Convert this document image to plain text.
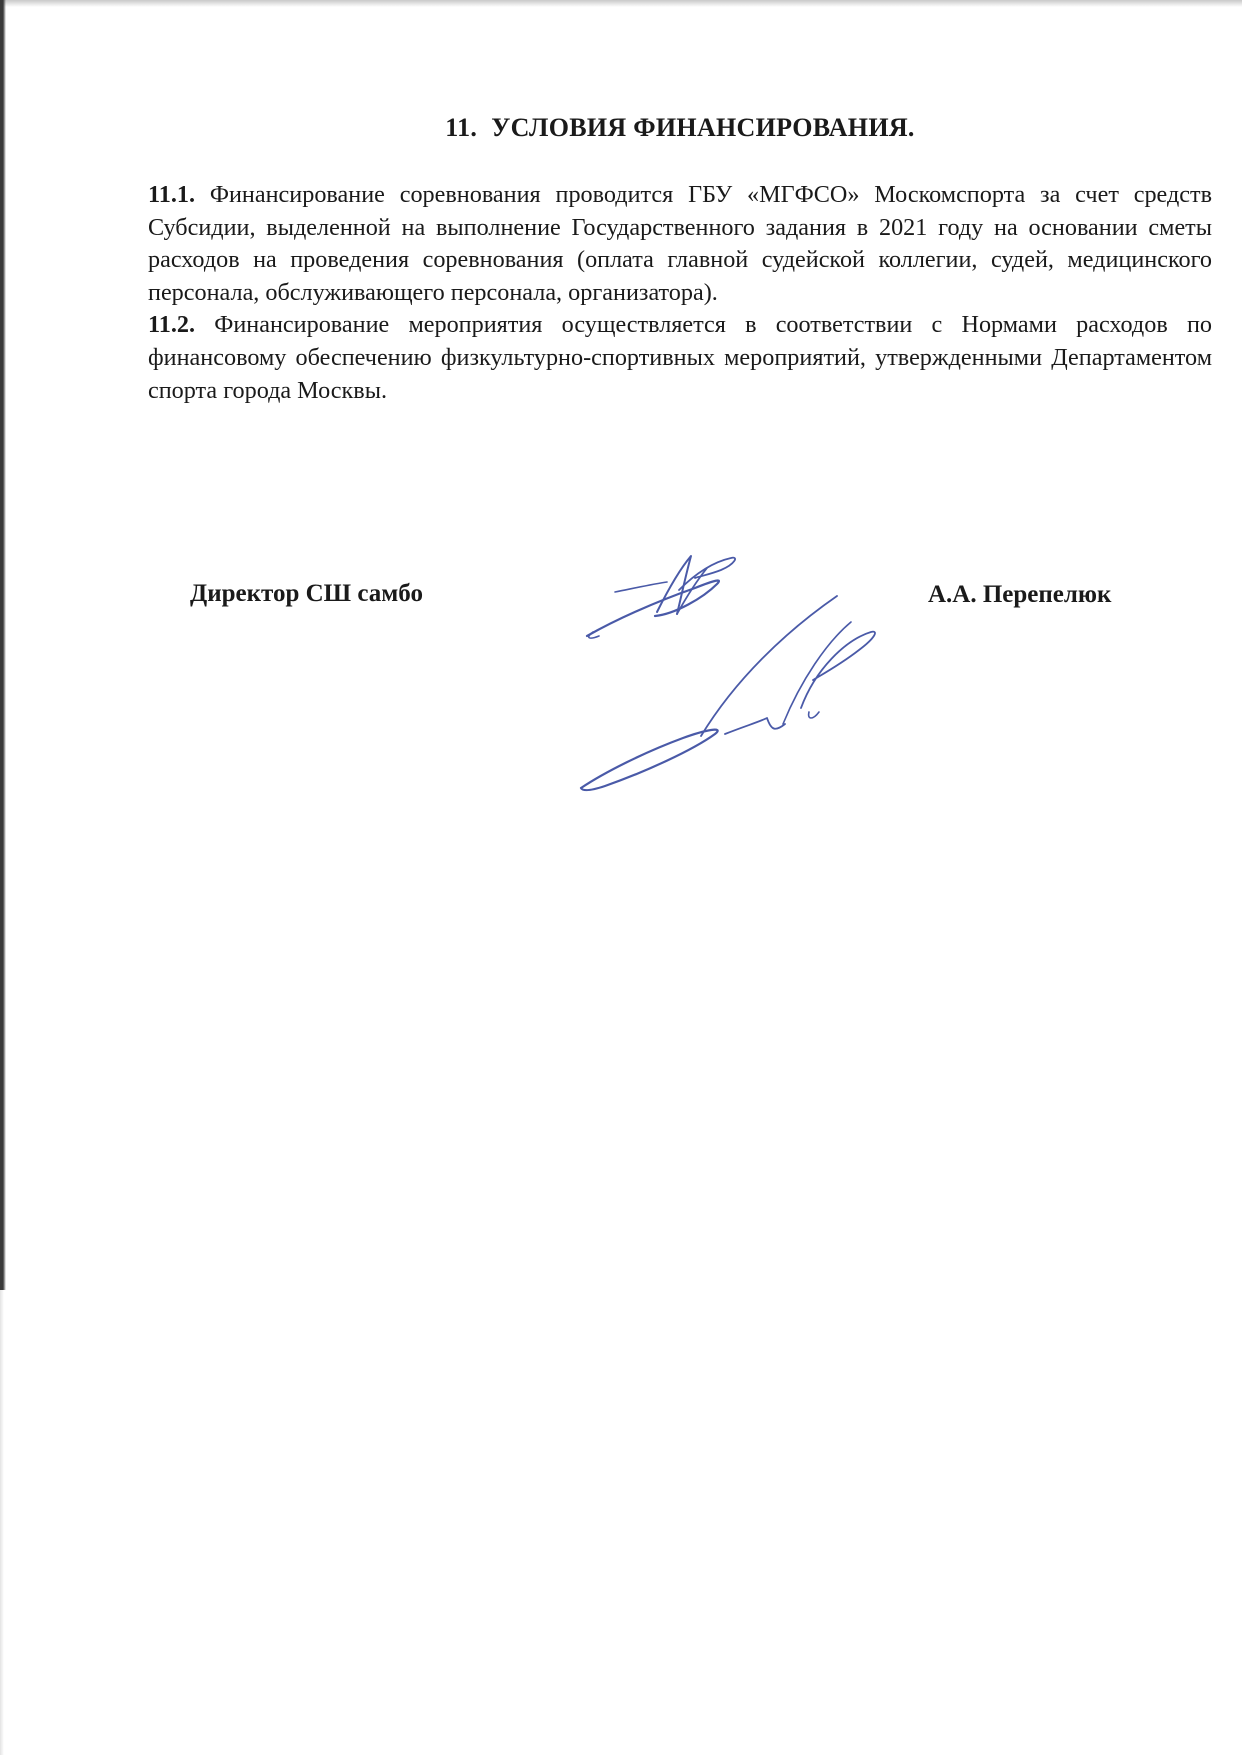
11. УСЛОВИЯ ФИНАНСИРОВАНИЯ.

11.1. Финансирование соревнования проводится ГБУ «МГФСО» Москомспорта за счет средств Субсидии, выделенной на выполнение Государственного задания в 2021 году на основании сметы расходов на проведения соревнования (оплата главной судейской коллегии, судей, медицинского персонала, обслуживающего персонала, организатора).

11.2. Финансирование мероприятия осуществляется в соответствии с Нормами расходов по финансовому обеспечению физкультурно-спортивных мероприятий, утвержденными Департаментом спорта города Москвы.

Директор СШ самбо	А.А. Перепелюк
